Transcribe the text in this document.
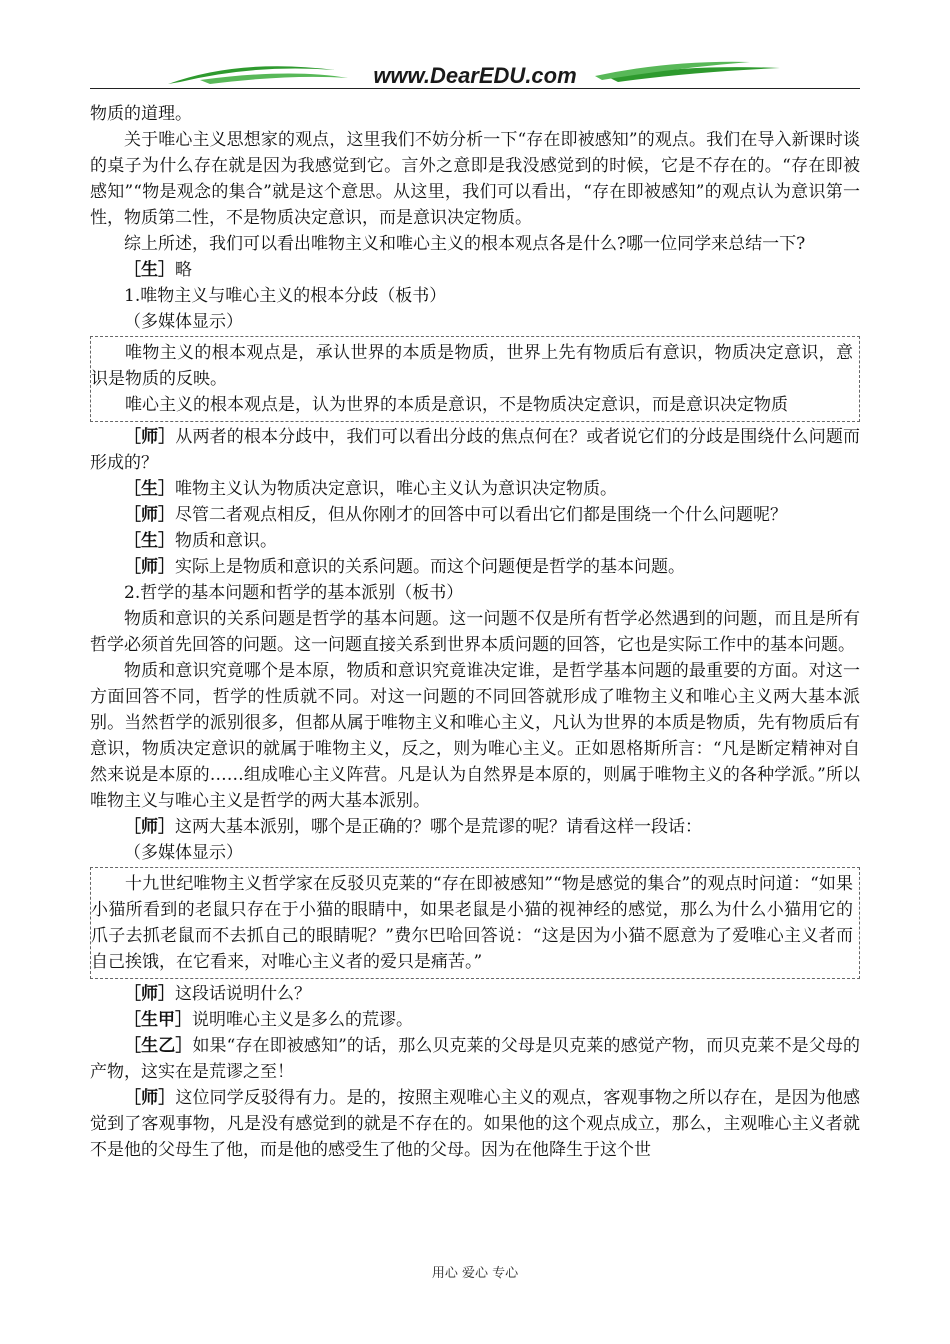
www.DearEDU.com

物质的道理。

关于唯心主义思想家的观点，这里我们不妨分析一下“存在即被感知”的观点。我们在导入新课时谈的桌子为什么存在就是因为我感觉到它。言外之意即是我没感觉到的时候，它是不存在的。“存在即被感知”“物是观念的集合”就是这个意思。从这里，我们可以看出，“存在即被感知”的观点认为意识第一性，物质第二性，不是物质决定意识，而是意识决定物质。

综上所述，我们可以看出唯物主义和唯心主义的根本观点各是什么?哪一位同学来总结一下?

［生］略

1.唯物主义与唯心主义的根本分歧（板书）

（多媒体显示）

唯物主义的根本观点是，承认世界的本质是物质，世界上先有物质后有意识，物质决定意识，意识是物质的反映。

唯心主义的根本观点是，认为世界的本质是意识，不是物质决定意识，而是意识决定物质

［师］从两者的根本分歧中，我们可以看出分歧的焦点何在？或者说它们的分歧是围绕什么问题而形成的？

［生］唯物主义认为物质决定意识，唯心主义认为意识决定物质。

［师］尽管二者观点相反，但从你刚才的回答中可以看出它们都是围绕一个什么问题呢？

［生］物质和意识。

［师］实际上是物质和意识的关系问题。而这个问题便是哲学的基本问题。

2.哲学的基本问题和哲学的基本派别（板书）

物质和意识的关系问题是哲学的基本问题。这一问题不仅是所有哲学必然遇到的问题，而且是所有哲学必须首先回答的问题。这一问题直接关系到世界本质问题的回答，它也是实际工作中的基本问题。

物质和意识究竟哪个是本原，物质和意识究竟谁决定谁，是哲学基本问题的最重要的方面。对这一方面回答不同，哲学的性质就不同。对这一问题的不同回答就形成了唯物主义和唯心主义两大基本派别。当然哲学的派别很多，但都从属于唯物主义和唯心主义，凡认为世界的本质是物质，先有物质后有意识，物质决定意识的就属于唯物主义，反之，则为唯心主义。正如恩格斯所言：“凡是断定精神对自然来说是本原的……组成唯心主义阵营。凡是认为自然界是本原的，则属于唯物主义的各种学派。”所以唯物主义与唯心主义是哲学的两大基本派别。

［师］这两大基本派别，哪个是正确的？哪个是荒谬的呢？请看这样一段话：

（多媒体显示）

十九世纪唯物主义哲学家在反驳贝克莱的“存在即被感知”“物是感觉的集合”的观点时问道：“如果小猫所看到的老鼠只存在于小猫的眼睛中，如果老鼠是小猫的视神经的感觉，那么为什么小猫用它的爪子去抓老鼠而不去抓自己的眼睛呢？”费尔巴哈回答说：“这是因为小猫不愿意为了爱唯心主义者而自己挨饿，在它看来，对唯心主义者的爱只是痛苦。”

［师］这段话说明什么？

［生甲］说明唯心主义是多么的荒谬。

［生乙］如果“存在即被感知”的话，那么贝克莱的父母是贝克莱的感觉产物，而贝克莱不是父母的产物，这实在是荒谬之至！

［师］这位同学反驳得有力。是的，按照主观唯心主义的观点，客观事物之所以存在，是因为他感觉到了客观事物，凡是没有感觉到的就是不存在的。如果他的这个观点成立，那么，主观唯心主义者就不是他的父母生了他，而是他的感受生了他的父母。因为在他降生于这个世

用心 爱心 专心
